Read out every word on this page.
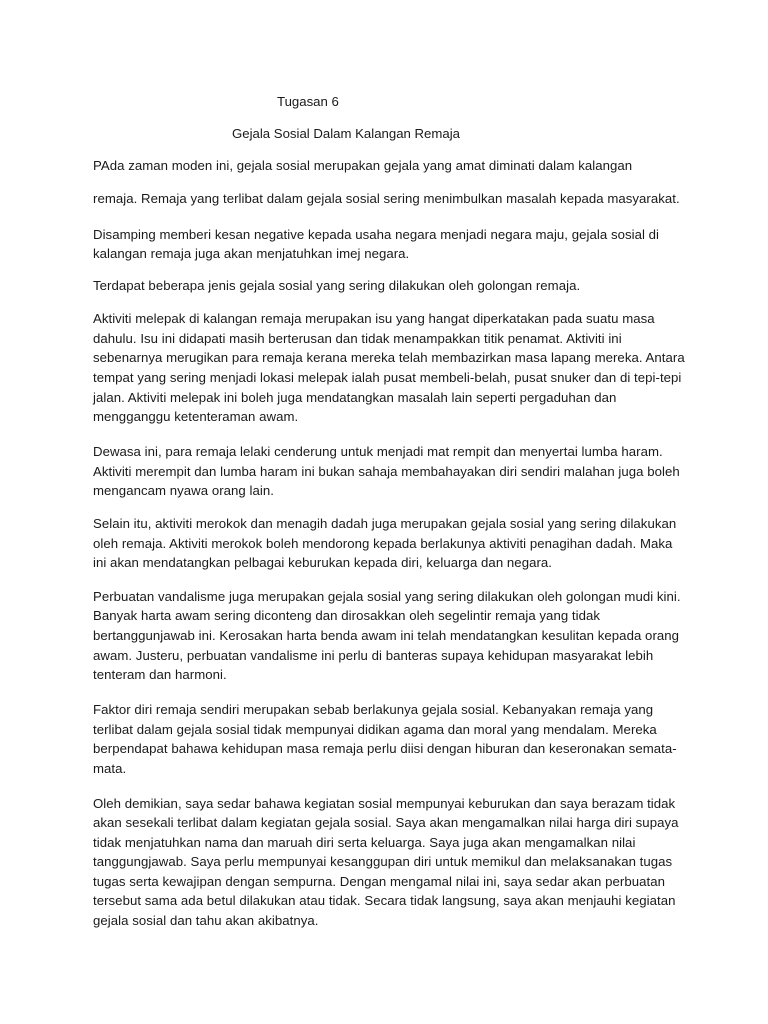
Tugasan 6
Gejala Sosial Dalam Kalangan Remaja
PAda zaman moden ini, gejala sosial merupakan gejala yang amat diminati dalam kalangan
remaja. Remaja yang terlibat dalam gejala sosial sering menimbulkan masalah kepada masyarakat.
Disamping memberi kesan negative kepada usaha negara menjadi negara maju, gejala sosial di
kalangan remaja juga akan menjatuhkan imej negara.
Terdapat beberapa jenis gejala sosial yang sering dilakukan oleh golongan remaja.
Aktiviti melepak di kalangan remaja merupakan isu yang hangat diperkatakan pada suatu masa
dahulu. Isu ini didapati masih berterusan dan tidak menampakkan titik penamat. Aktiviti ini
sebenarnya merugikan para remaja kerana mereka telah membazirkan masa lapang mereka. Antara
tempat yang sering menjadi lokasi melepak ialah pusat membeli-belah, pusat snuker dan di tepi-tepi
jalan. Aktiviti melepak ini boleh juga mendatangkan masalah lain seperti pergaduhan dan
mengganggu ketenteraman awam.
Dewasa ini, para remaja lelaki cenderung untuk menjadi mat rempit dan menyertai lumba haram.
Aktiviti merempit dan lumba haram ini bukan sahaja membahayakan diri sendiri malahan juga boleh
mengancam nyawa orang lain.
Selain itu, aktiviti merokok dan menagih dadah juga merupakan gejala sosial yang sering dilakukan
oleh remaja. Aktiviti merokok boleh mendorong kepada berlakunya aktiviti penagihan dadah. Maka
ini akan mendatangkan pelbagai keburukan kepada diri, keluarga dan negara.
Perbuatan vandalisme juga merupakan gejala sosial yang sering dilakukan oleh golongan mudi kini.
Banyak harta awam sering diconteng dan dirosakkan oleh segelintir remaja yang tidak
bertanggunjawab ini. Kerosakan harta benda awam ini telah mendatangkan kesulitan kepada orang
awam. Justeru, perbuatan vandalisme ini perlu di banteras supaya kehidupan masyarakat lebih
tenteram dan harmoni.
Faktor diri remaja sendiri merupakan sebab berlakunya gejala sosial. Kebanyakan remaja yang
terlibat dalam gejala sosial tidak mempunyai didikan agama dan moral yang mendalam. Mereka
berpendapat bahawa kehidupan masa remaja perlu diisi dengan hiburan dan keseronakan semata-
mata.
Oleh demikian, saya sedar bahawa kegiatan sosial mempunyai keburukan dan saya berazam tidak
akan sesekali terlibat dalam kegiatan gejala sosial. Saya akan mengamalkan nilai harga diri supaya
tidak menjatuhkan nama dan maruah diri serta keluarga. Saya juga akan mengamalkan nilai
tanggungjawab. Saya perlu mempunyai kesanggupan diri untuk memikul dan melaksanakan tugas
tugas serta kewajipan dengan sempurna. Dengan mengamal nilai ini, saya sedar akan perbuatan
tersebut sama ada betul dilakukan atau tidak. Secara tidak langsung, saya akan menjauhi kegiatan
gejala sosial dan tahu akan akibatnya.
